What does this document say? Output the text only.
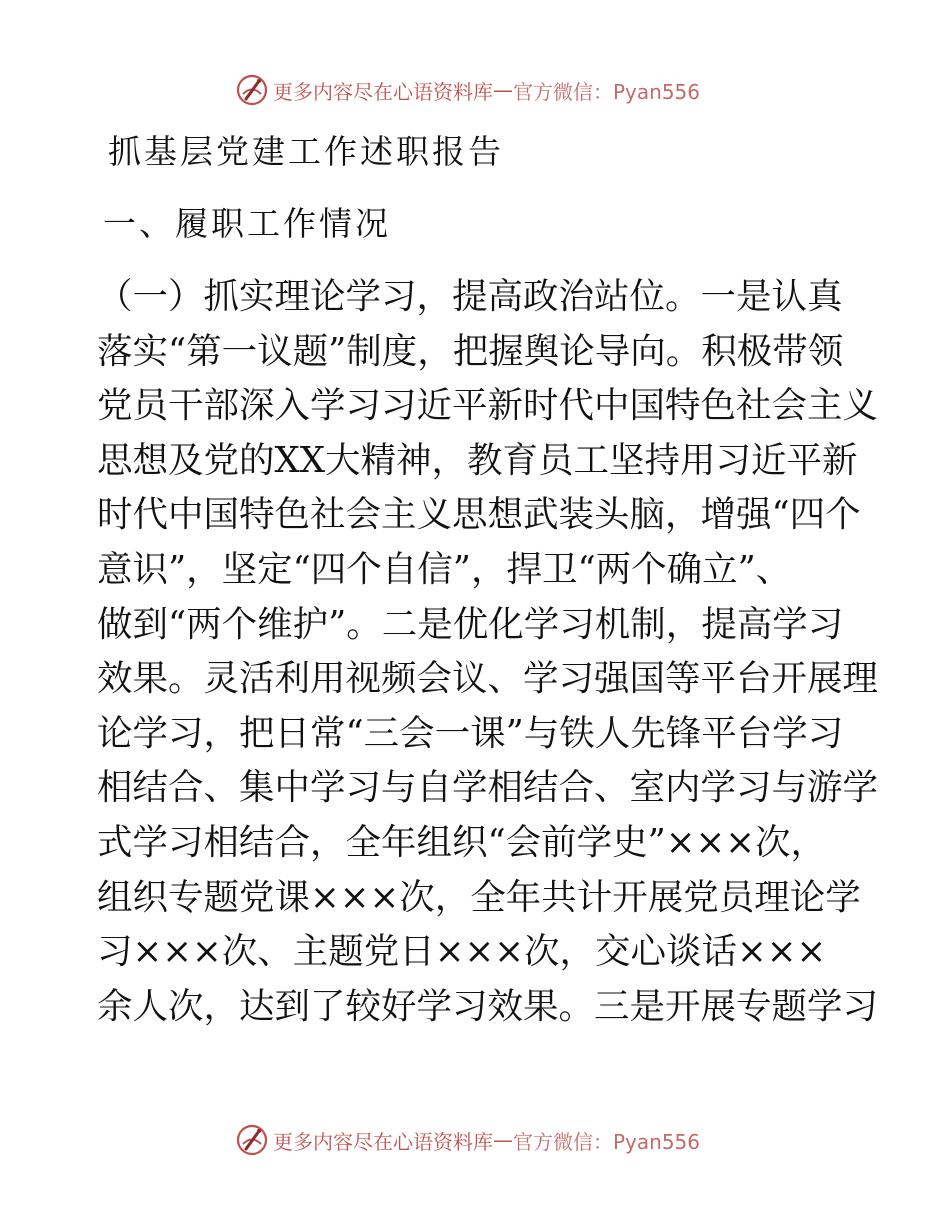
更多内容尽在心语资料库 — 官方微信：Pyan556
抓基层党建工作述职报告
一、履职工作情况
（一）抓实理论学习，提高政治站位。一是认真
落实“第一议题”制度，把握舆论导向。积极带领
党员干部深入学习习近平新时代中国特色社会主义
思想及党的XX大精神，教育员工坚持用习近平新
时代中国特色社会主义思想武装头脑，增强“四个
意识”，坚定“四个自信”，捍卫“两个确立”、
做到“两个维护”。二是优化学习机制，提高学习
效果。灵活利用视频会议、学习强国等平台开展理
论学习，把日常“三会一课”与铁人先锋平台学习
相结合、集中学习与自学相结合、室内学习与游学
式学习相结合，全年组织“会前学史”×××次，
组织专题党课×××次，全年共计开展党员理论学
习×××次、主题党日×××次，交心谈话×××
余人次，达到了较好学习效果。三是开展专题学习
更多内容尽在心语资料库 — 官方微信：Pyan556
